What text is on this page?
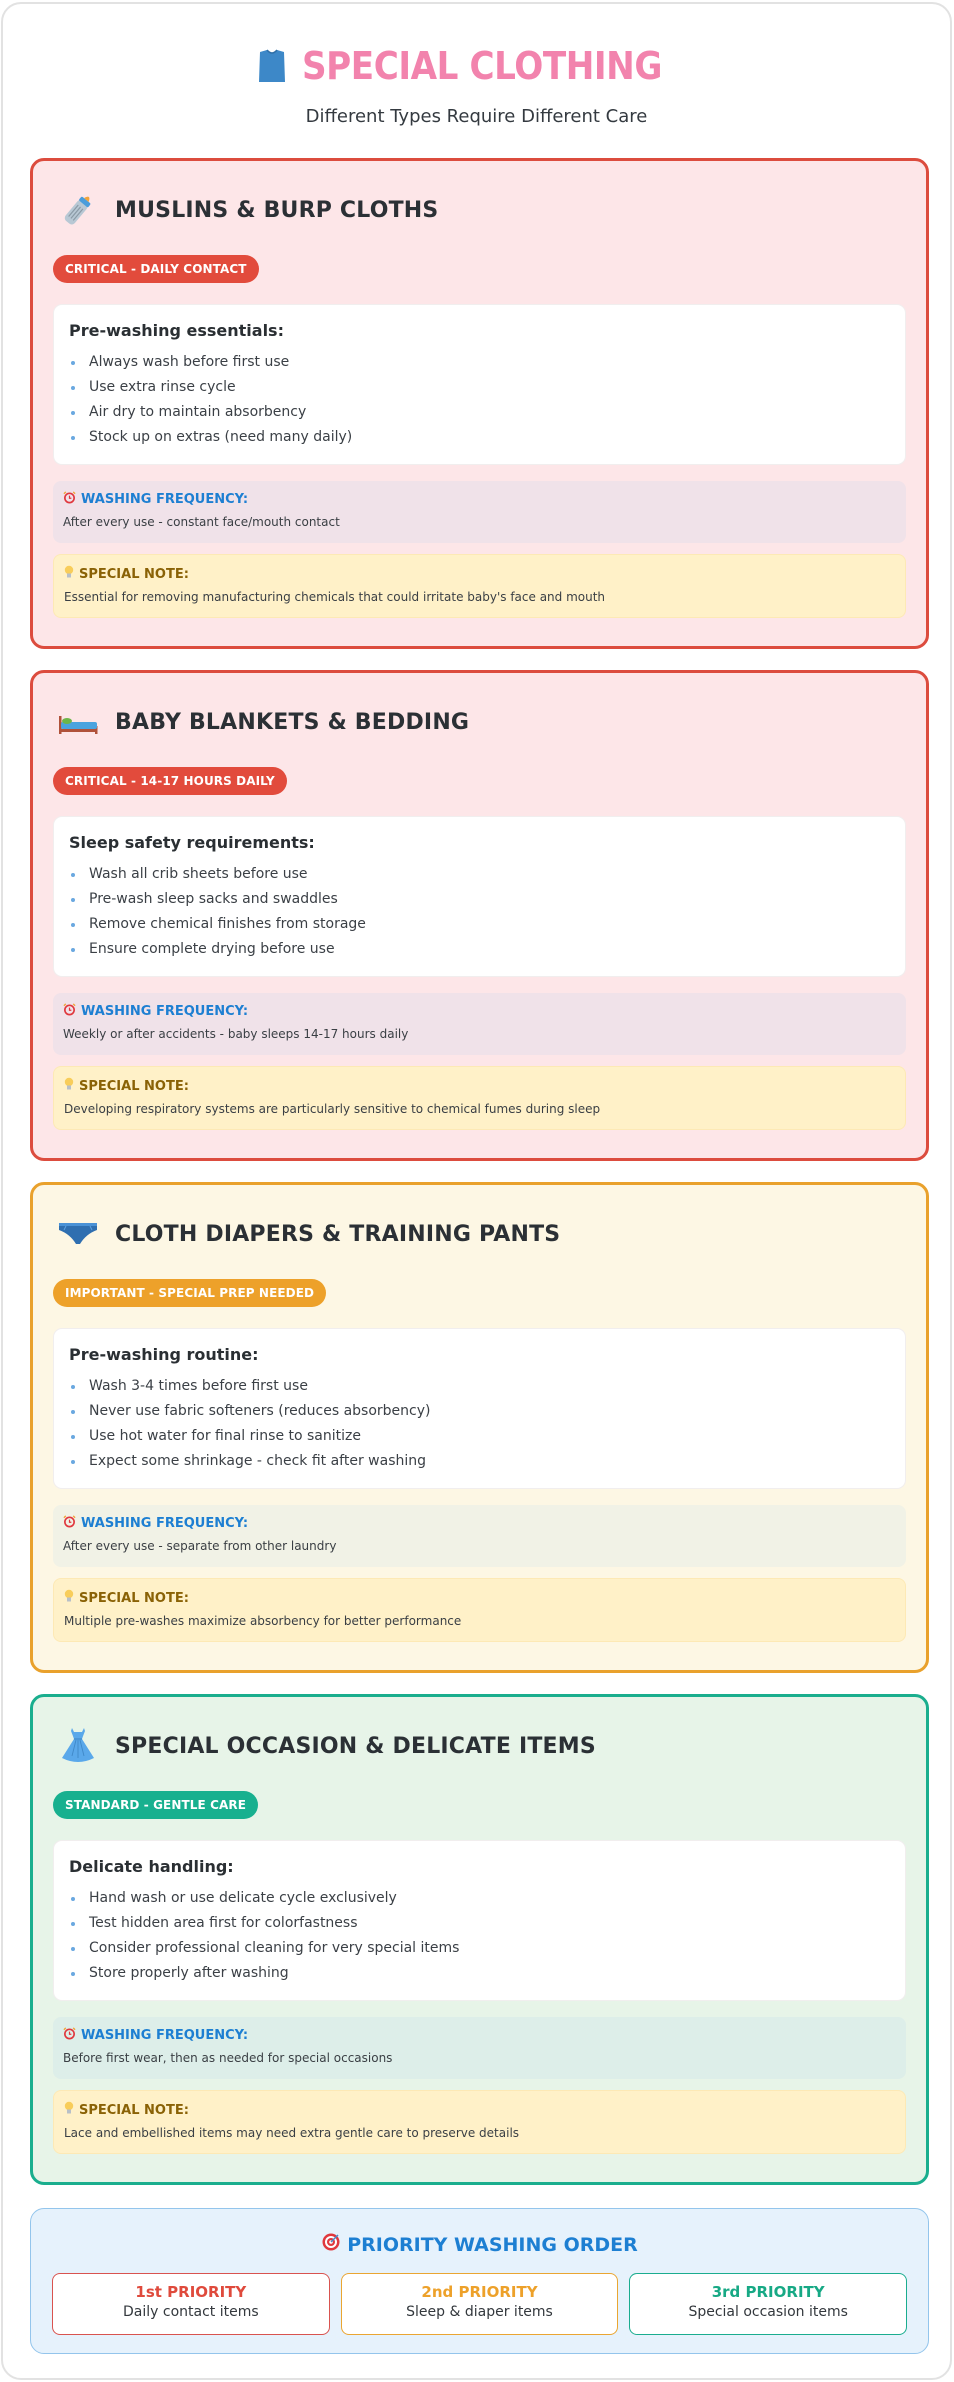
SPECIAL CLOTHING
Different Types Require Different Care
MUSLINS & BURP CLOTHS
CRITICAL - DAILY CONTACT
Pre-washing essentials:
Always wash before first use
Use extra rinse cycle
Air dry to maintain absorbency
Stock up on extras (need many daily)
WASHING FREQUENCY:
After every use - constant face/mouth contact
SPECIAL NOTE:
Essential for removing manufacturing chemicals that could irritate baby's face and mouth
BABY BLANKETS & BEDDING
CRITICAL - 14-17 HOURS DAILY
Sleep safety requirements:
Wash all crib sheets before use
Pre-wash sleep sacks and swaddles
Remove chemical finishes from storage
Ensure complete drying before use
WASHING FREQUENCY:
Weekly or after accidents - baby sleeps 14-17 hours daily
SPECIAL NOTE:
Developing respiratory systems are particularly sensitive to chemical fumes during sleep
CLOTH DIAPERS & TRAINING PANTS
IMPORTANT - SPECIAL PREP NEEDED
Pre-washing routine:
Wash 3-4 times before first use
Never use fabric softeners (reduces absorbency)
Use hot water for final rinse to sanitize
Expect some shrinkage - check fit after washing
WASHING FREQUENCY:
After every use - separate from other laundry
SPECIAL NOTE:
Multiple pre-washes maximize absorbency for better performance
SPECIAL OCCASION & DELICATE ITEMS
STANDARD - GENTLE CARE
Delicate handling:
Hand wash or use delicate cycle exclusively
Test hidden area first for colorfastness
Consider professional cleaning for very special items
Store properly after washing
WASHING FREQUENCY:
Before first wear, then as needed for special occasions
SPECIAL NOTE:
Lace and embellished items may need extra gentle care to preserve details
PRIORITY WASHING ORDER
1st PRIORITY
Daily contact items
2nd PRIORITY
Sleep & diaper items
3rd PRIORITY
Special occasion items
